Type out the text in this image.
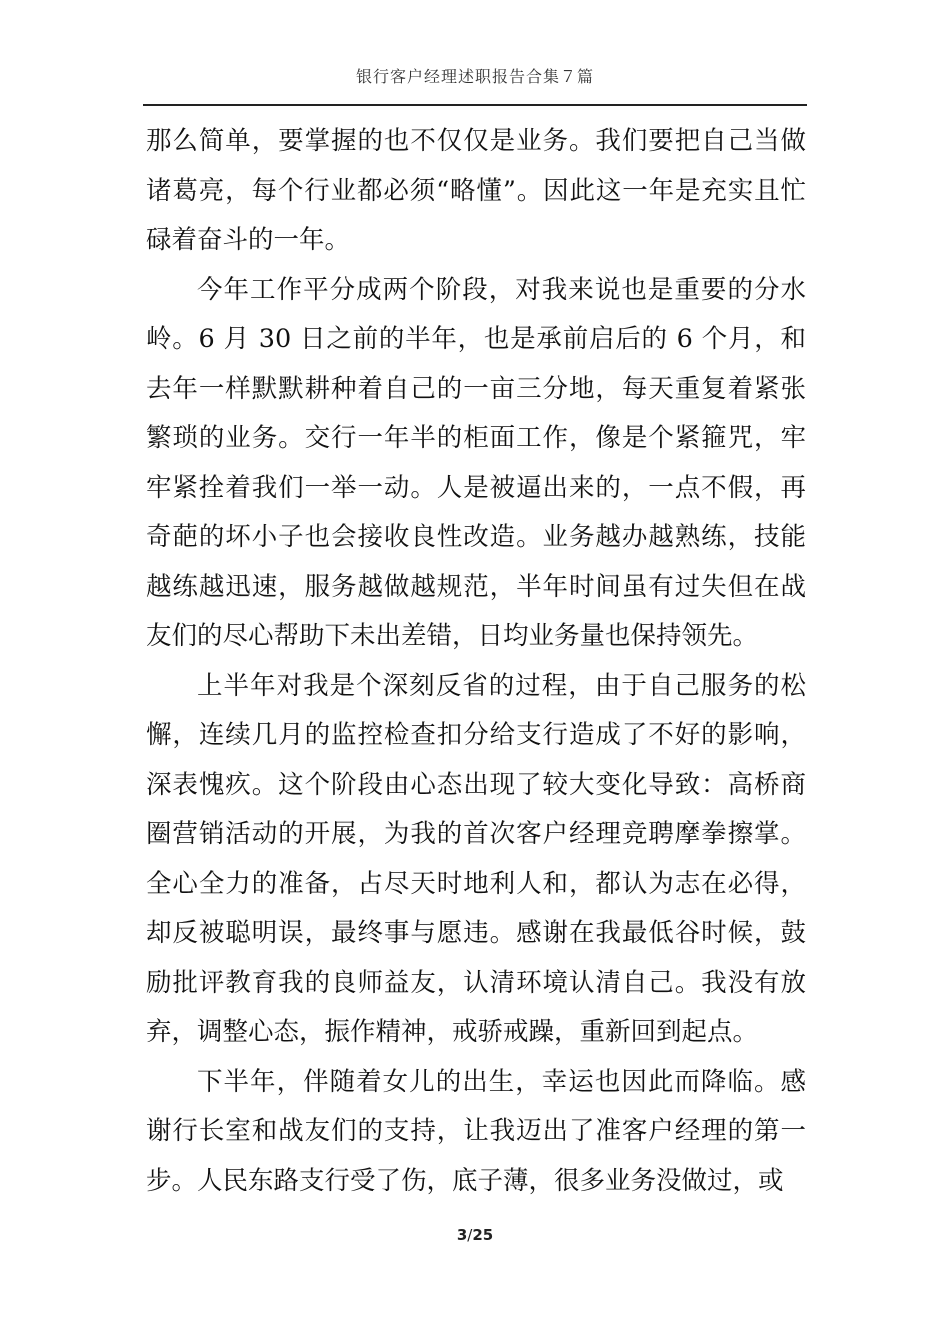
银行客户经理述职报告合集７篇

那么简单，要掌握的也不仅仅是业务。我们要把自己当做诸葛亮，每个行业都必须“略懂”。因此这一年是充实且忙碌着奋斗的一年。

今年工作平分成两个阶段，对我来说也是重要的分水岭。6 月 30 日之前的半年，也是承前启后的 6 个月，和去年一样默默耕种着自己的一亩三分地，每天重复着紧张繁琐的业务。交行一年半的柜面工作，像是个紧箍咒，牢牢紧拴着我们一举一动。人是被逼出来的，一点不假，再奇葩的坏小子也会接收良性改造。业务越办越熟练，技能越练越迅速，服务越做越规范，半年时间虽有过失但在战友们的尽心帮助下未出差错，日均业务量也保持领先。

上半年对我是个深刻反省的过程，由于自己服务的松懈，连续几月的监控检查扣分给支行造成了不好的影响，深表愧疚。这个阶段由心态出现了较大变化导致：高桥商圈营销活动的开展，为我的首次客户经理竞聘摩拳擦掌。全心全力的准备，占尽天时地利人和，都认为志在必得，却反被聪明误，最终事与愿违。感谢在我最低谷时候，鼓励批评教育我的良师益友，认清环境认清自己。我没有放弃，调整心态，振作精神，戒骄戒躁，重新回到起点。

下半年，伴随着女儿的出生，幸运也因此而降临。感谢行长室和战友们的支持，让我迈出了准客户经理的第一步。人民东路支行受了伤，底子薄，很多业务没做过，或

3/25
